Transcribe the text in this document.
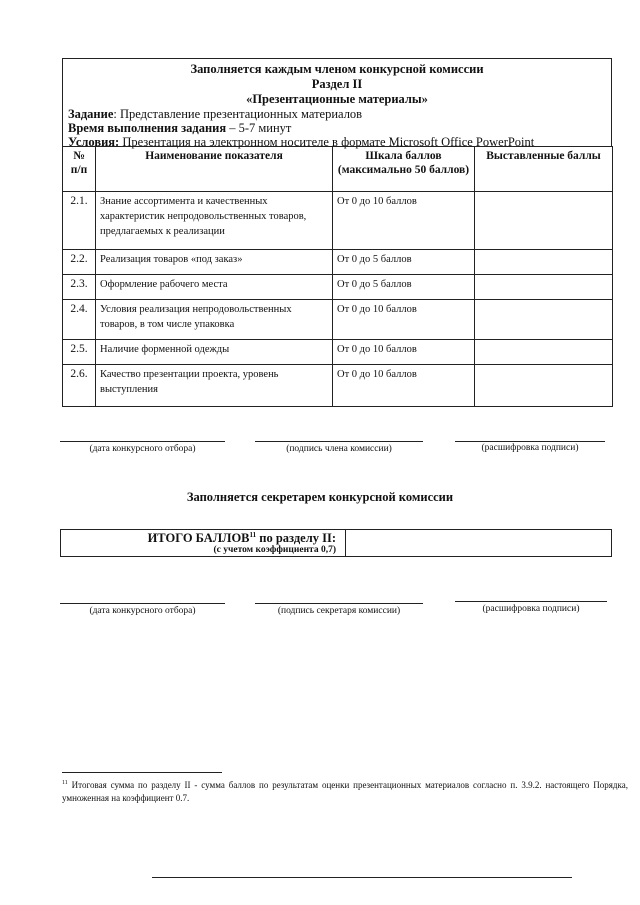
Заполняется каждым членом конкурсной комиссии
Раздел II
«Презентационные материалы»
Задание: Представление презентационных материалов
Время выполнения задания – 5-7 минут
Условия: Презентация на электронном носителе в формате Microsoft Office PowerPoint
№ п/п	Наименование показателя	Шкала баллов (максимально 50 баллов)	Выставленные баллы
2.1.	Знание ассортимента и качественных характеристик непродовольственных товаров, предлагаемых к реализации	От 0 до 10 баллов	
2.2.	Реализация товаров «под заказ»	От 0 до 5 баллов	
2.3.	Оформление рабочего места	От 0 до 5 баллов	
2.4.	Условия реализация непродовольственных товаров, в том числе упаковка	От 0 до 10 баллов	
2.5.	Наличие форменной одежды	От 0 до 10 баллов	
2.6.	Качество презентации проекта, уровень выступления	От 0 до 10 баллов	
(дата конкурсного отбора)	(подпись члена комиссии)	(расшифровка подписи)
Заполняется секретарем конкурсной комиссии
ИТОГО БАЛЛОВ$^{11}$ по разделу II:
(с учетом коэффициента 0,7)
(дата конкурсного отбора)	(подпись секретаря комиссии)	(расшифровка подписи)
$^{11}$ Итоговая сумма по разделу II - сумма баллов по результатам оценки презентационных материалов согласно п. 3.9.2. настоящего Порядка, умноженная на коэффициент 0.7.
